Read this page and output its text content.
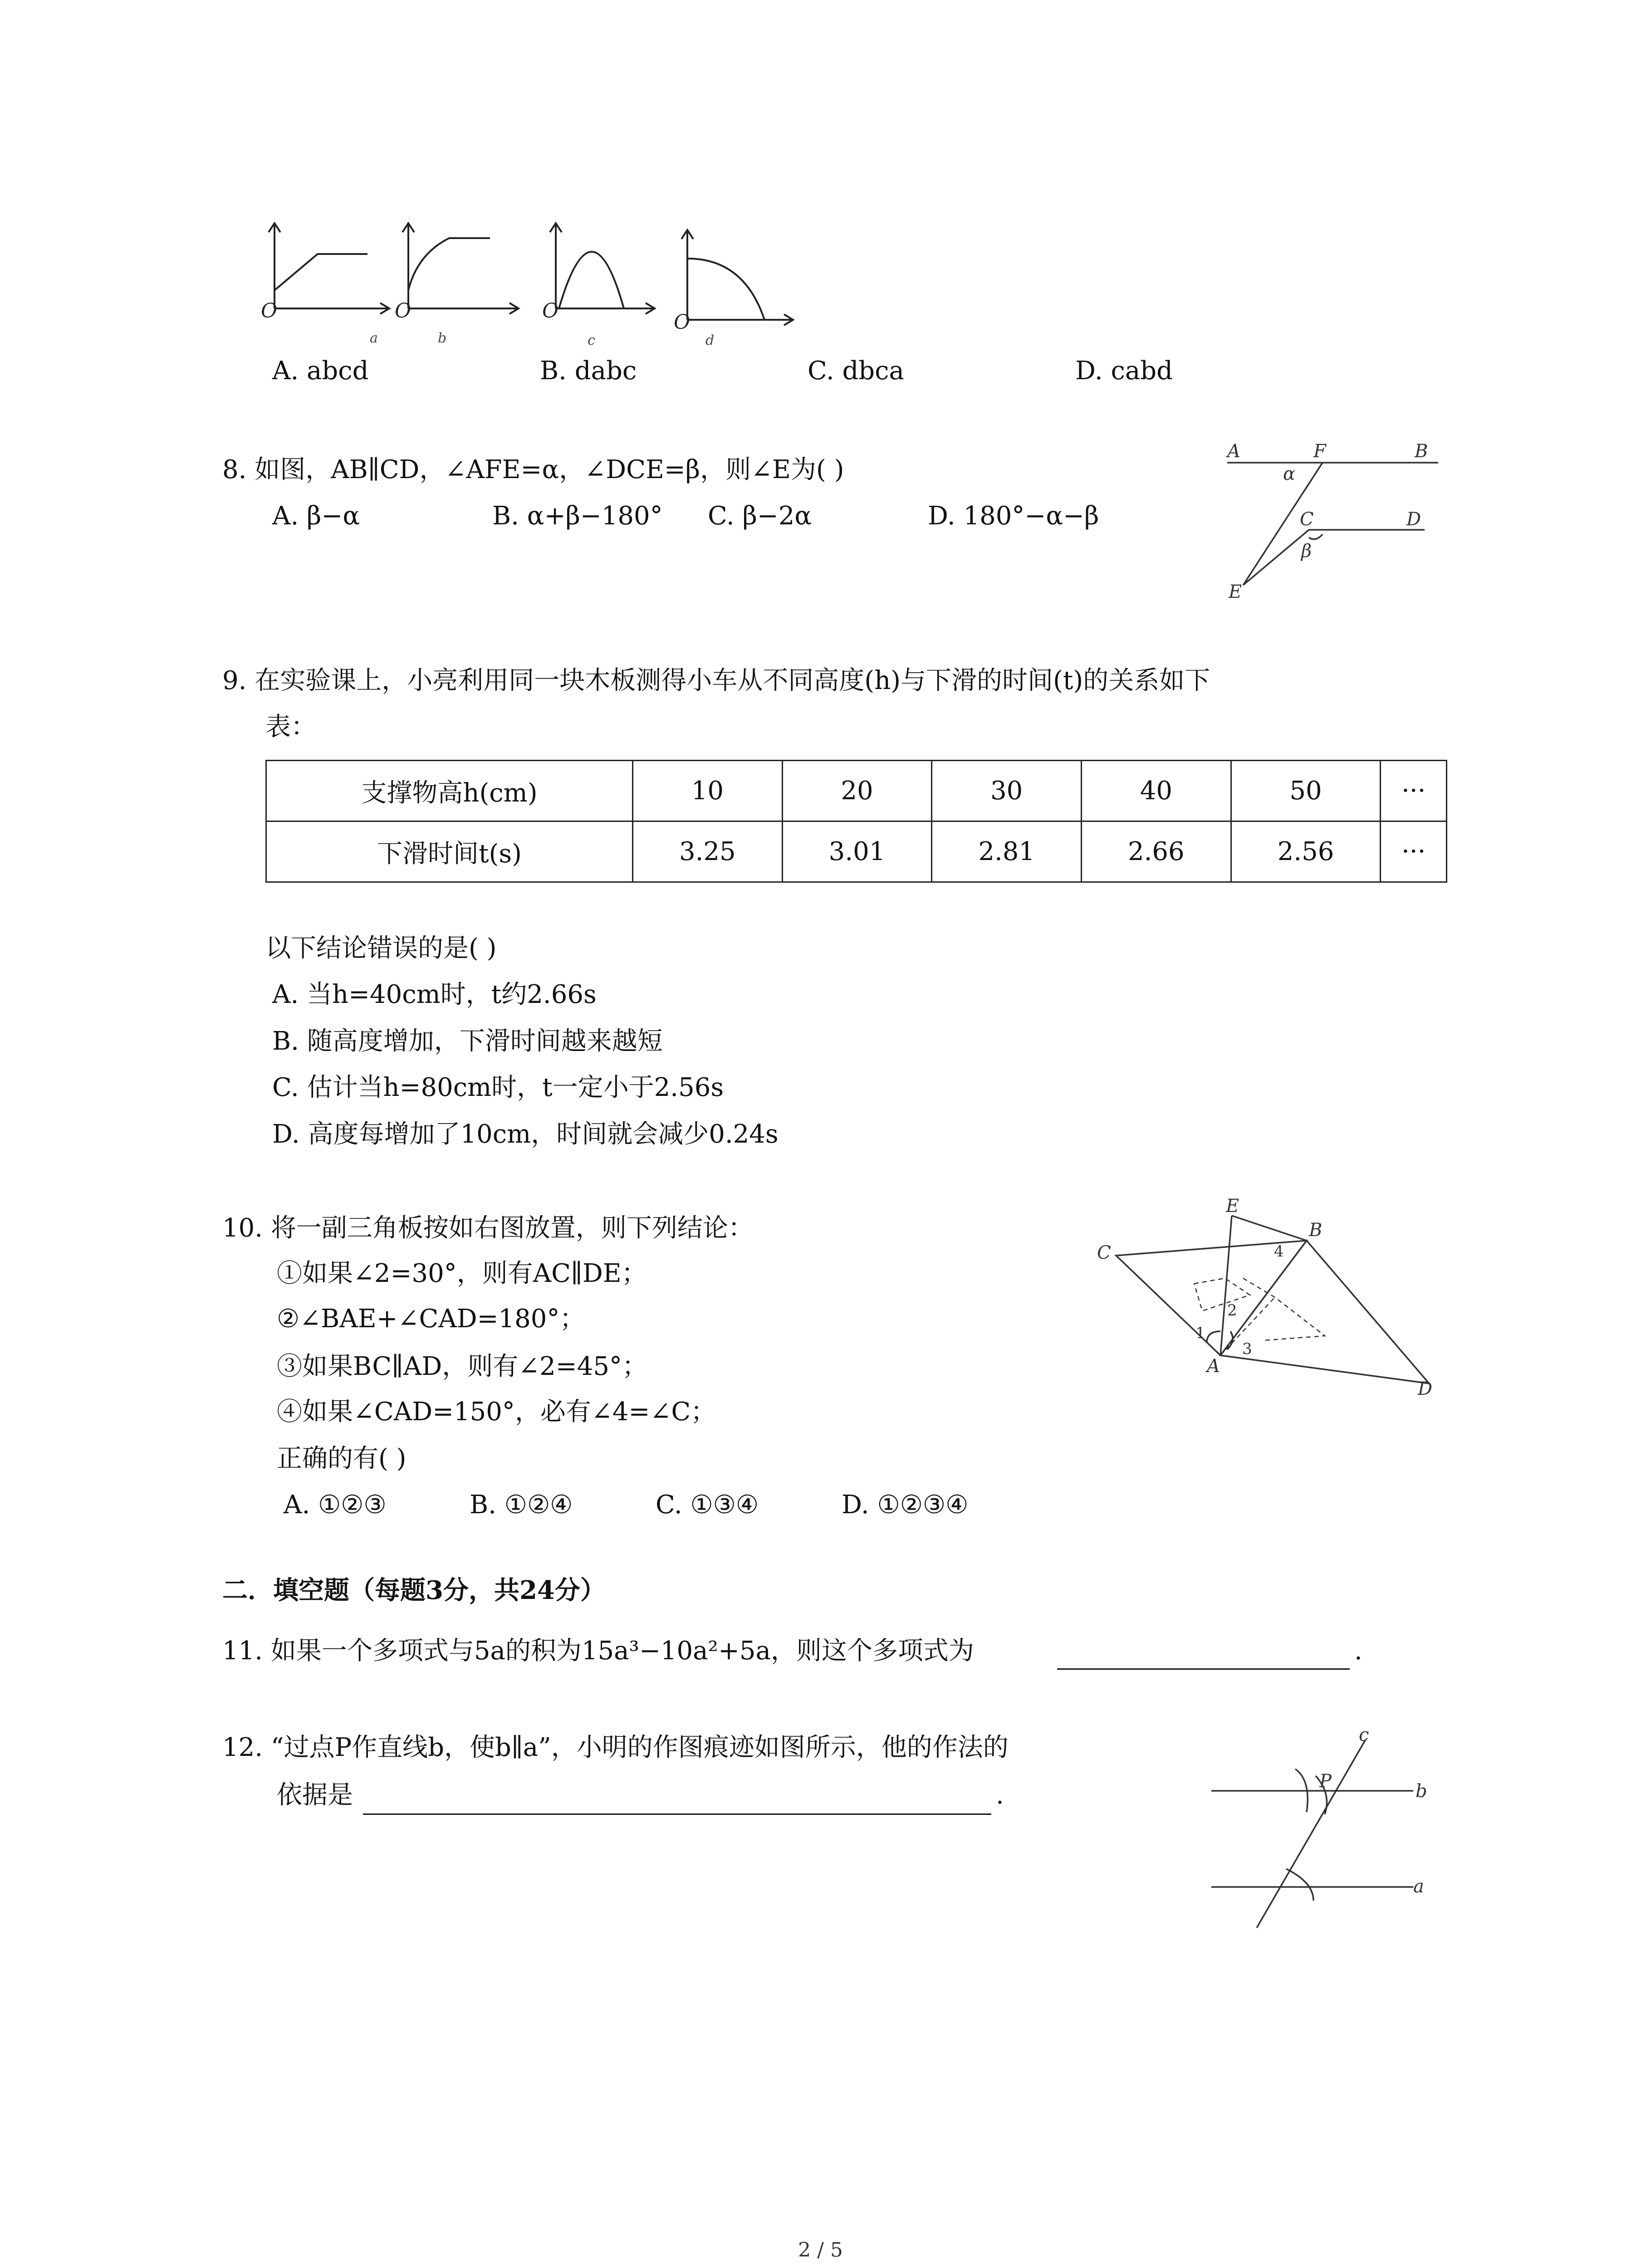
O	O	O	O
a	b	c	d
A. abcd	B. dabc	C. dbca	D. cabd
8. 如图，AB∥CD，∠AFE=α，∠DCE=β，则∠E为( )
A. β−α	B. α+β−180° C. β−2α	D. 180°−α−β
A	F	B
C	D
E
α
β
9. 在实验课上，小亮利用同一块木板测得小车从不同高度(h)与下滑的时间(t)的关系如下
表：
支撑物高h(cm)	10	20	30	40	50	···
下滑时间t(s)	3.25	3.01	2.81	2.66	2.56	···
以下结论错误的是( )
A. 当h=40cm时，t约2.66s
B. 随高度增加，下滑时间越来越短
C. 估计当h=80cm时，t一定小于2.56s
D. 高度每增加了10cm，时间就会减少0.24s
10. 将一副三角板按如右图放置，则下列结论：
①如果∠2=30°，则有AC∥DE；
②∠BAE+∠CAD=180°；
③如果BC∥AD，则有∠2=45°；
④如果∠CAD=150°，必有∠4=∠C；
正确的有( )
A. ①②③	B. ①②④	C. ①③④	D. ①②③④
E
B
C
A
D
1
2
3
4
二．填空题（每题3分，共24分）
11. 如果一个多项式与5a的积为15a³−10a²+5a，则这个多项式为	.
12. “过点P作直线b，使b∥a”，小明的作图痕迹如图所示，他的作法的
依据是	.
c
P	b
a
2 / 5
